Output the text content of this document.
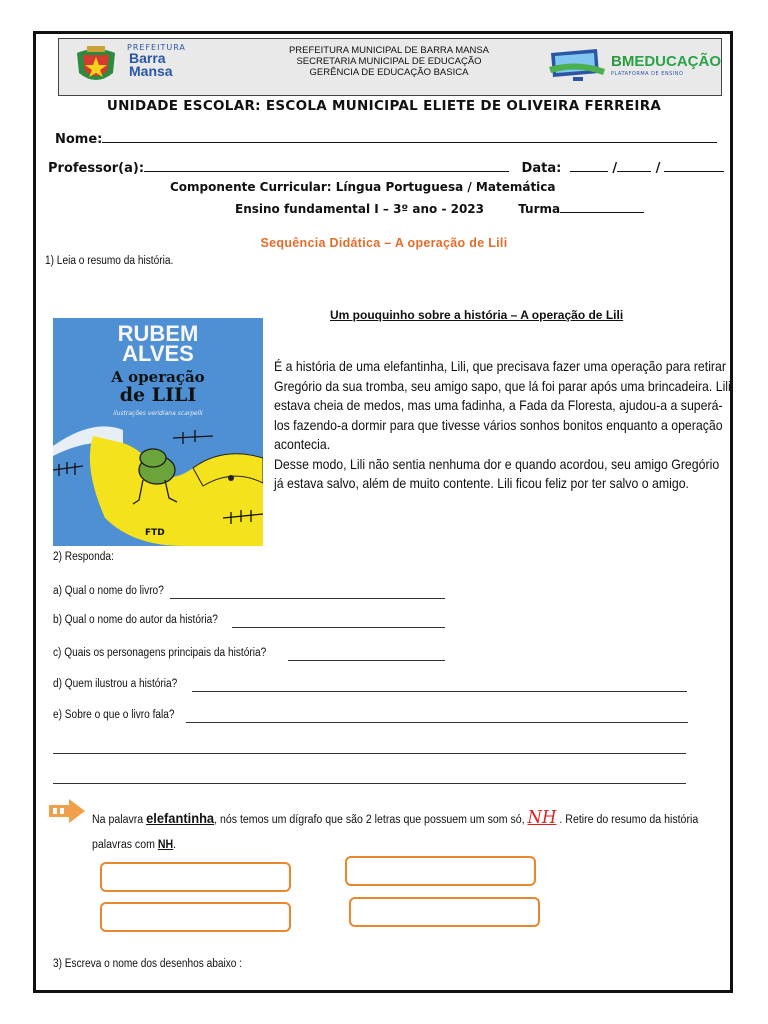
PREFEITURA
Barra
Mansa
PREFEITURA MUNICIPAL DE BARRA MANSA
SECRETARIA MUNICIPAL DE EDUCAÇÃO
GERÊNCIA DE EDUCAÇÃO BASICA
BMEDUCAÇÃO
PLATAFORMA DE ENSINO
UNIDADE ESCOLAR: ESCOLA MUNICIPAL ELIETE DE OLIVEIRA FERREIRA
Nome:
Professor(a):	Data:	/	/
Componente Curricular: Língua Portuguesa / Matemática
Ensino fundamental I – 3º ano - 2023	Turma
Sequência Didática – A operação de Lili
1) Leia o resumo da história.
Um pouquinho sobre a história – A operação de Lili
RUBEM
ALVES
A operação
de LILI
ilustrações veridiana scarpelli
FTD

É a história de uma elefantinha, Lili, que precisava fazer uma operação para retirar Gregório da sua tromba, seu amigo sapo, que lá foi parar após uma brincadeira. Lili estava cheia de medos, mas uma fadinha, a Fada da Floresta, ajudou-a a superá-los fazendo-a dormir para que tivesse vários sonhos bonitos enquanto a operação acontecia.

Desse modo, Lili não sentia nenhuma dor e quando acordou, seu amigo Gregório já estava salvo, além de muito contente. Lili ficou feliz por ter salvo o amigo.

2) Responda:
a) Qual o nome do livro?
b) Qual o nome do autor da história?
c) Quais os personagens principais da história?
d) Quem ilustrou a história?
e) Sobre o que o livro fala?
Na palavra elefantinha, nós temos um dígrafo que são 2 letras que possuem um som só, NH . Retire do resumo da história palavras com NH.
3) Escreva o nome dos desenhos abaixo :
